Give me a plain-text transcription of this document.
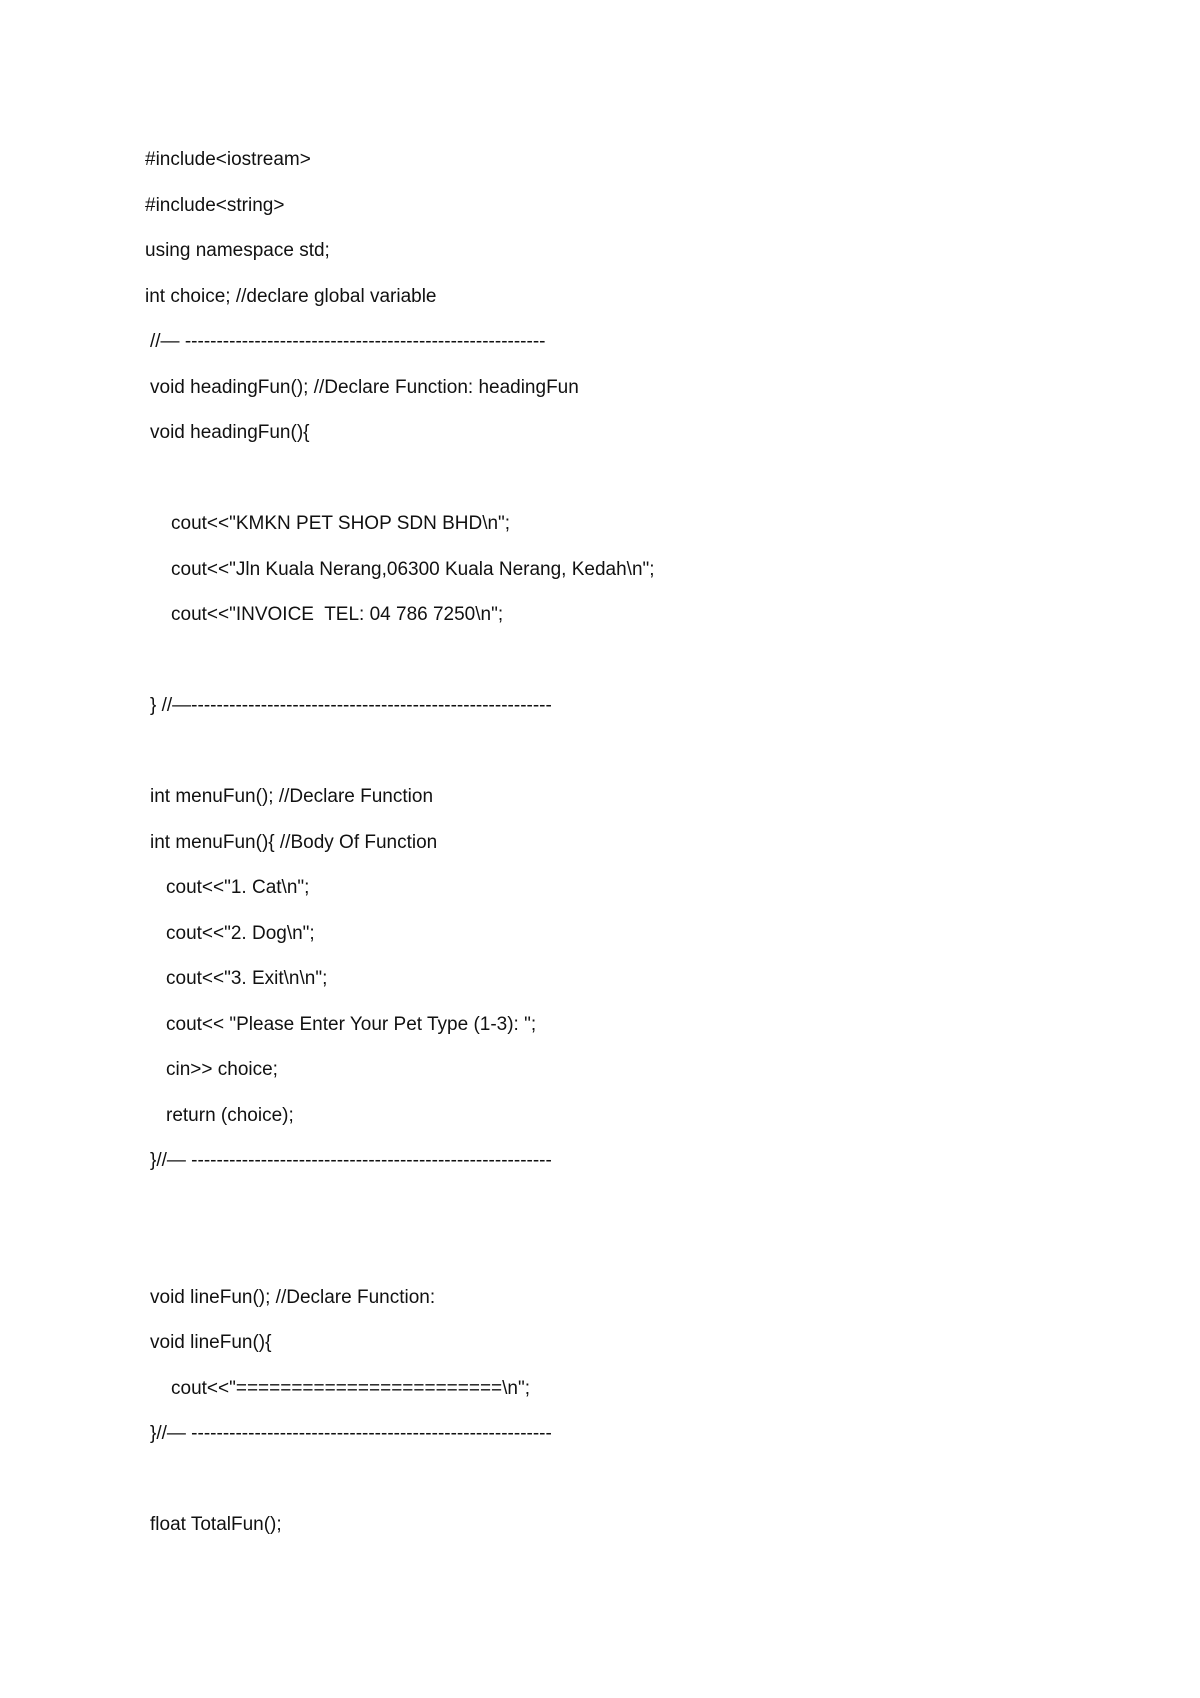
#include<iostream>
#include<string>
using namespace std;
int choice; //declare global variable
//— ---------------------------------------------------------
void headingFun(); //Declare Function: headingFun
void headingFun(){
cout<<"KMKN PET SHOP SDN BHD\n";
cout<<"Jln Kuala Nerang,06300 Kuala Nerang, Kedah\n";
cout<<"INVOICE  TEL: 04 786 7250\n";
} //—---------------------------------------------------------
int menuFun(); //Declare Function
int menuFun(){ //Body Of Function
cout<<"1. Cat\n";
cout<<"2. Dog\n";
cout<<"3. Exit\n\n";
cout<< "Please Enter Your Pet Type (1-3): ";
cin>> choice;
return (choice);
}//— ---------------------------------------------------------
void lineFun(); //Declare Function:
void lineFun(){
cout<<"========================\n";
}//— ---------------------------------------------------------
float TotalFun();
